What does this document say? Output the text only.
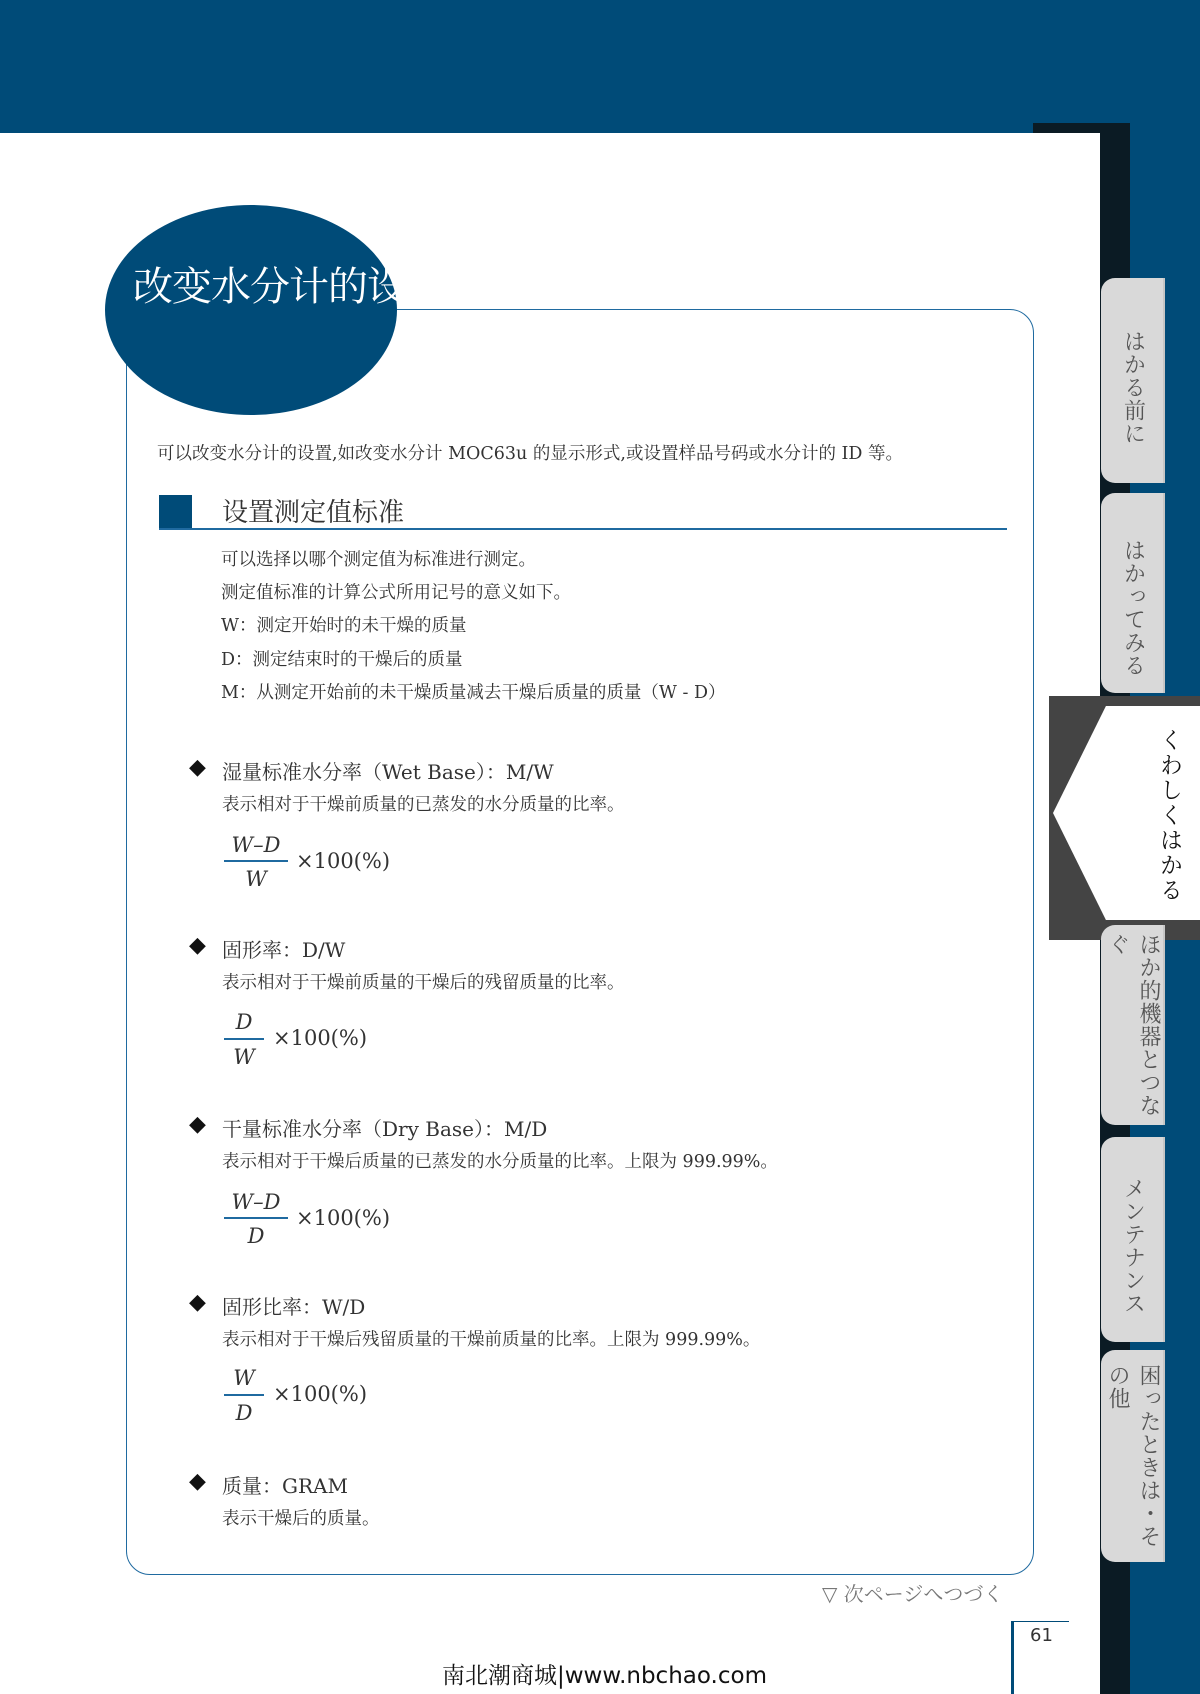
はかる前に
はかってみる
くわしくはかる
ほか的機器とつなぐ
メンテナンス
困ったときは・その他
改变水分计的设置
可以改变水分计的设置,如改变水分计 MOC63u 的显示形式,或设置样品号码或水分计的 ID 等。
设置测定值标准
可以选择以哪个测定值为标准进行测定。
测定值标准的计算公式所用记号的意义如下。
W：测定开始时的未干燥的质量
D：测定结束时的干燥后的质量
M：从测定开始前的未干燥质量减去干燥后质量的质量（W - D）
◆ 湿量标准水分率（Wet Base）：M/W
表示相对于干燥前质量的已蒸发的水分质量的比率。
W–D
W
×100(%)
◆ 固形率：D/W
表示相对于干燥前质量的干燥后的残留质量的比率。
D
W
×100(%)
◆ 干量标准水分率（Dry Base）：M/D
表示相对于干燥后质量的已蒸发的水分质量的比率。上限为 999.99%。
W–D
D
×100(%)
◆ 固形比率：W/D
表示相对于干燥后残留质量的干燥前质量的比率。上限为 999.99%。
W
D
×100(%)
◆ 质量：GRAM
表示干燥后的质量。
▽ 次ページへつづく
61
南北潮商城|www.nbchao.com
